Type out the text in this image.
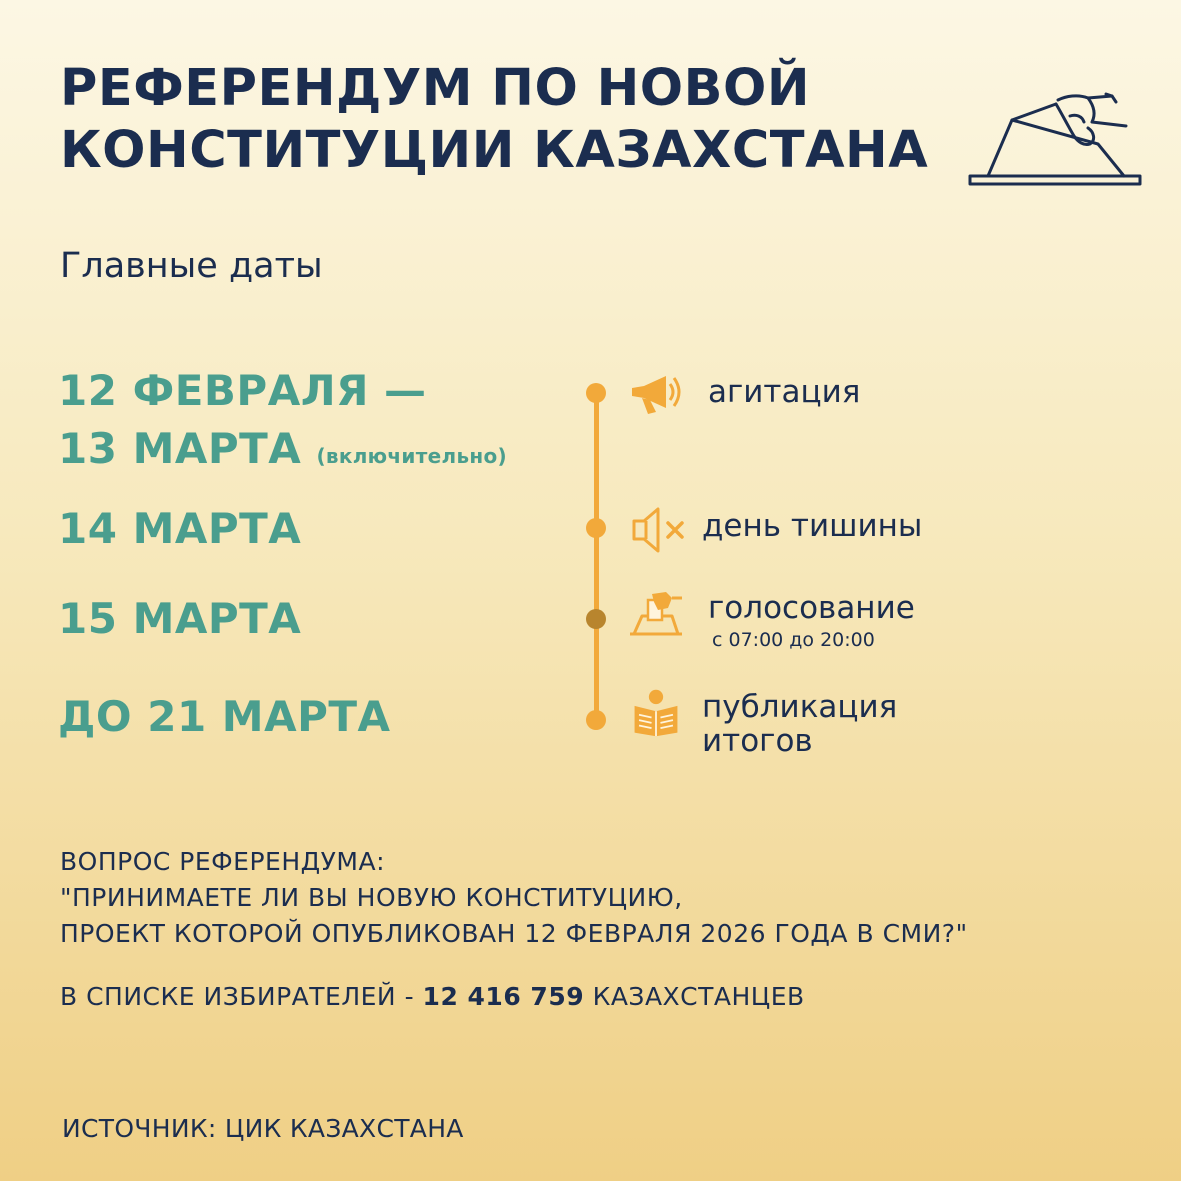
РЕФЕРЕНДУМ ПО НОВОЙ
КОНСТИТУЦИИ КАЗАХСТАНА
Главные даты
12 ФЕВРАЛЯ —
13 МАРТА (включительно)
14 МАРТА
15 МАРТА
ДО 21 МАРТА
агитация
день тишины
голосование
с 07:00 до 20:00
публикация
итогов
ВОПРОС РЕФЕРЕНДУМА:
"ПРИНИМАЕТЕ ЛИ ВЫ НОВУЮ КОНСТИТУЦИЮ,
ПРОЕКТ КОТОРОЙ ОПУБЛИКОВАН 12 ФЕВРАЛЯ 2026 ГОДА В СМИ?"
В СПИСКЕ ИЗБИРАТЕЛЕЙ - 12 416 759 КАЗАХСТАНЦЕВ
ИСТОЧНИК: ЦИК КАЗАХСТАНА
